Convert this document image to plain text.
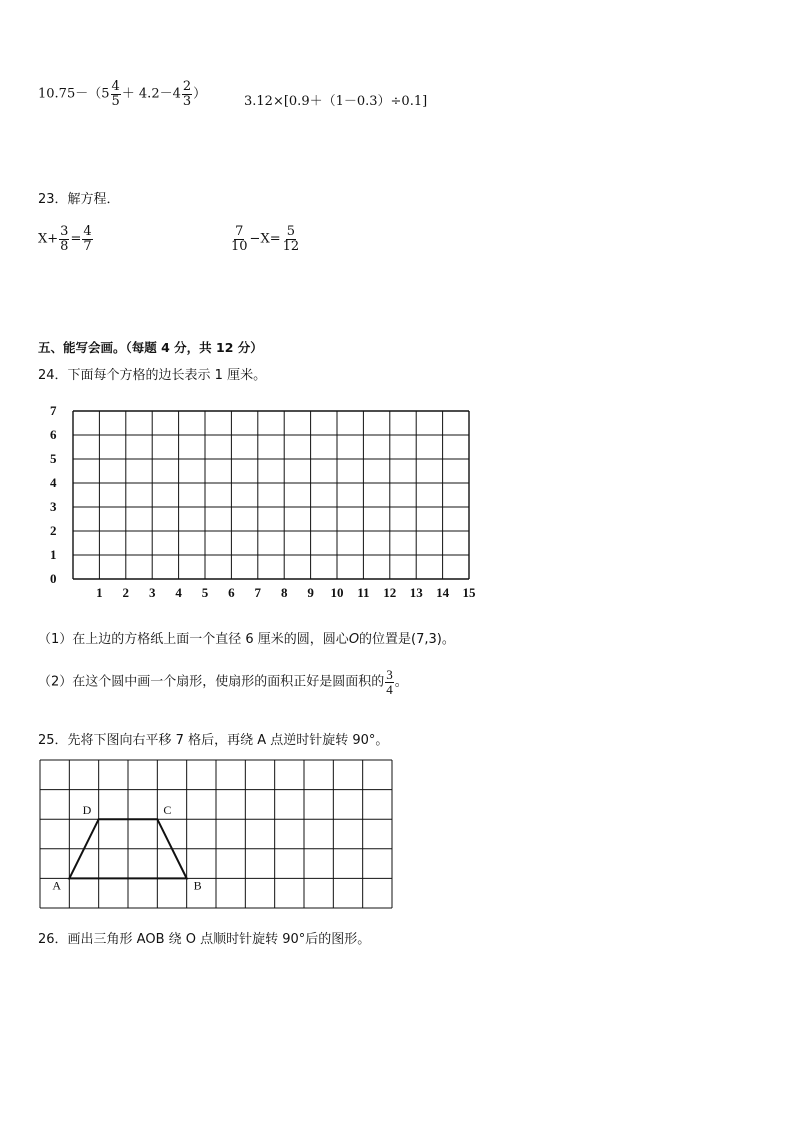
$10.75-(5 \frac{4}{5} + 4.2-4 \frac{2}{3}$ ）	3.12×[0.9＋（1－0.3）÷0.1]
23．解方程．
$X+ \frac{3}{8} = \frac{4}{7}$	$\frac{7}{10} -X= \frac{5}{12}$
五、能写会画。（每题 4 分，共 12 分）
24．下面每个方格的边长表示 1 厘米。
0
1
2
3
4
5
6
7
1 2 3 4 5 6 7 8 9 10 11 12 13 14 15
（1）在上边的方格纸上面一个直径 6 厘米的圆，圆心O的位置是(7,3)。
（2）在这个圆中画一个扇形，使扇形的面积正好是圆面积的 $\frac{3}{4}$ 。
25．先将下图向右平移 7 格后，再绕 A 点逆时针旋转 90°。
A	B
C
D
26．画出三角形 AOB 绕 O 点顺时针旋转 90°后的图形。
